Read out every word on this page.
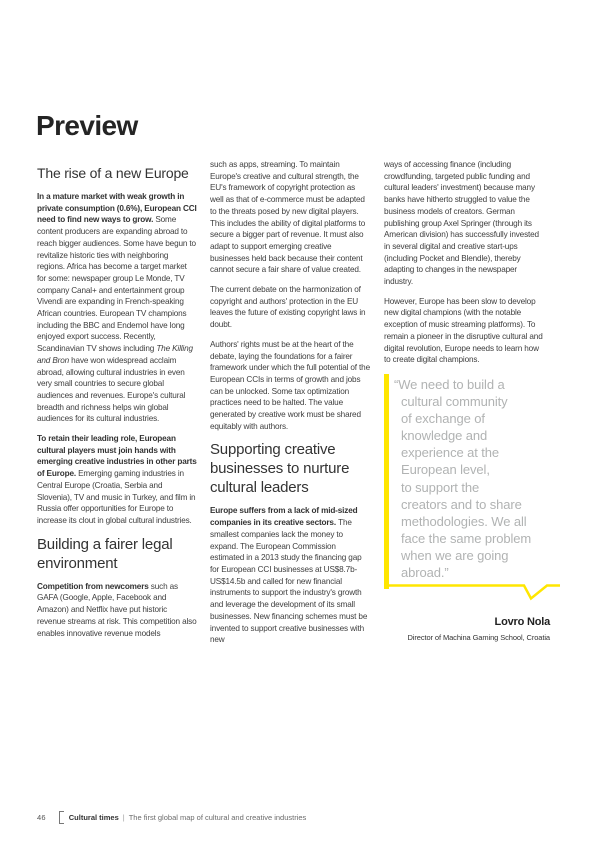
Preview
The rise of a new Europe

In a mature market with weak growth in private consumption (0.6%), European CCI need to find new ways to grow. Some content producers are expanding abroad to reach bigger audiences. Some have begun to revitalize historic ties with neighboring regions. Africa has become a target market for some: newspaper group Le Monde, TV company Canal+ and entertainment group Vivendi are expanding in French-speaking African countries. European TV champions including the BBC and Endemol have long enjoyed export success. Recently, Scandinavian TV shows including The Killing and Bron have won widespread acclaim abroad, allowing cultural industries in even very small countries to secure global audiences and revenues. Europe's cultural breadth and richness helps win global audiences for its cultural industries.

To retain their leading role, European cultural players must join hands with emerging creative industries in other parts of Europe. Emerging gaming industries in Central Europe (Croatia, Serbia and Slovenia), TV and music in Turkey, and film in Russia offer opportunities for Europe to increase its clout in global cultural industries.

Building a fairer legal environment

Competition from newcomers such as GAFA (Google, Apple, Facebook and Amazon) and Netflix have put historic revenue streams at risk. This competition also enables innovative revenue models

such as apps, streaming. To maintain Europe's creative and cultural strength, the EU's framework of copyright protection as well as that of e-commerce must be adapted to the threats posed by new digital players. This includes the ability of digital platforms to secure a bigger part of revenue. It must also adapt to support emerging creative businesses held back because their content cannot secure a fair share of value created.

The current debate on the harmonization of copyright and authors' protection in the EU leaves the future of existing copyright laws in doubt.

Authors' rights must be at the heart of the debate, laying the foundations for a fairer framework under which the full potential of the European CCIs in terms of growth and jobs can be unlocked. Some tax optimization practices need to be halted. The value generated by creative work must be shared equitably with authors.

Supporting creative businesses to nurture cultural leaders

Europe suffers from a lack of mid-sized companies in its creative sectors. The smallest companies lack the money to expand. The European Commission estimated in a 2013 study the financing gap for European CCI businesses at US$8.7b-US$14.5b and called for new financial instruments to support the industry's growth and leverage the development of its small businesses. New financing schemes must be invented to support creative businesses with new

ways of accessing finance (including crowdfunding, targeted public funding and cultural leaders' investment) because many banks have hitherto struggled to value the business models of creators. German publishing group Axel Springer (through its American division) has successfully invested in several digital and creative start-ups (including Pocket and Blendle), thereby adapting to changes in the newspaper industry.

However, Europe has been slow to develop new digital champions (with the notable exception of music streaming platforms). To remain a pioneer in the disruptive cultural and digital revolution, Europe needs to learn how to create digital champions.

“We need to build a
cultural community
of exchange of
knowledge and
experience at the
European level,
to support the
creators and to share
methodologies. We all
face the same problem
when we are going
abroad.”
Lovro Nola
Director of Machina Gaming School, Croatia
46	Cultural times | The first global map of cultural and creative industries
